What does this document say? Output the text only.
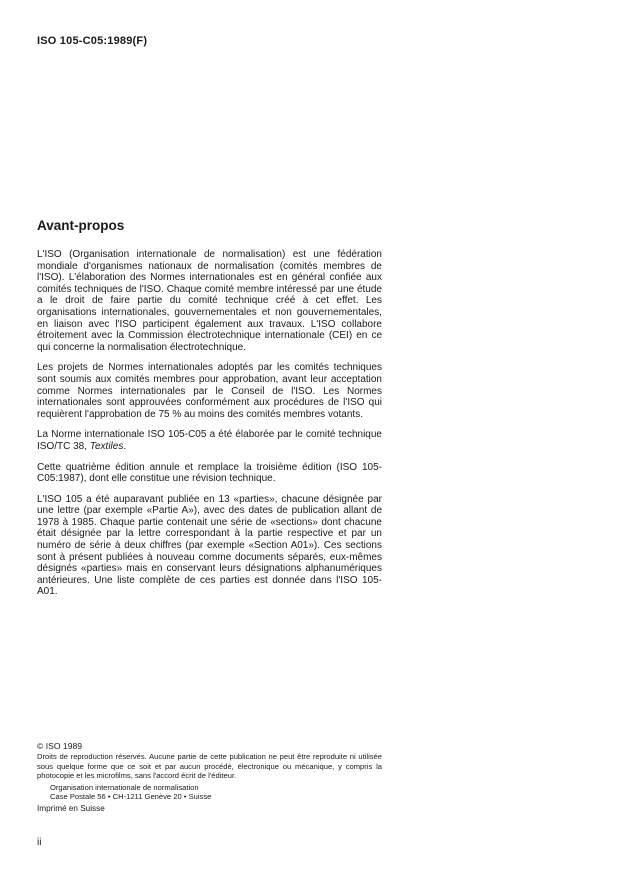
ISO 105-C05:1989(F)
Avant-propos

L'ISO (Organisation internationale de normalisation) est une fédération mondiale d'organismes nationaux de normalisation (comités membres de l'ISO). L'élaboration des Normes internationales est en général confiée aux comités techniques de l'ISO. Chaque comité membre intéressé par une étude a le droit de faire partie du comité technique créé à cet effet. Les organisations internationales, gouvernementales et non gouvernementales, en liaison avec l'ISO participent également aux travaux. L'ISO collabore étroitement avec la Commission électrotechnique internationale (CEI) en ce qui concerne la normalisation électrotechnique.

Les projets de Normes internationales adoptés par les comités techniques sont soumis aux comités membres pour approbation, avant leur acceptation comme Normes internationales par le Conseil de l'ISO. Les Normes internationales sont approuvées conformément aux procédures de l'ISO qui requièrent l'approbation de 75 % au moins des comités membres votants.

La Norme internationale ISO 105-C05 a été élaborée par le comité technique ISO/TC 38, Textiles.

Cette quatrième édition annule et remplace la troisième édition (ISO 105-C05:1987), dont elle constitue une révision technique.

L'ISO 105 a été auparavant publiée en 13 «parties», chacune désignée par une lettre (par exemple «Partie A»), avec des dates de publication allant de 1978 à 1985. Chaque partie contenait une série de «sections» dont chacune était désignée par la lettre correspondant à la partie respective et par un numéro de série à deux chiffres (par exemple «Section A01»). Ces sections sont à présent publiées à nouveau comme documents séparés, eux-mêmes désignés «parties» mais en conservant leurs désignations alphanumériques antérieures. Une liste complète de ces parties est donnée dans l'ISO 105-A01.

© ISO 1989
Droits de reproduction réservés. Aucune partie de cette publication ne peut être reproduite ni utilisée sous quelque forme que ce soit et par aucun procédé, électronique ou mécanique, y compris la photocopie et les microfilms, sans l'accord écrit de l'éditeur.
Organisation internationale de normalisation
Case Postale 56 • CH-1211 Genève 20 • Suisse
Imprimé en Suisse
ii
